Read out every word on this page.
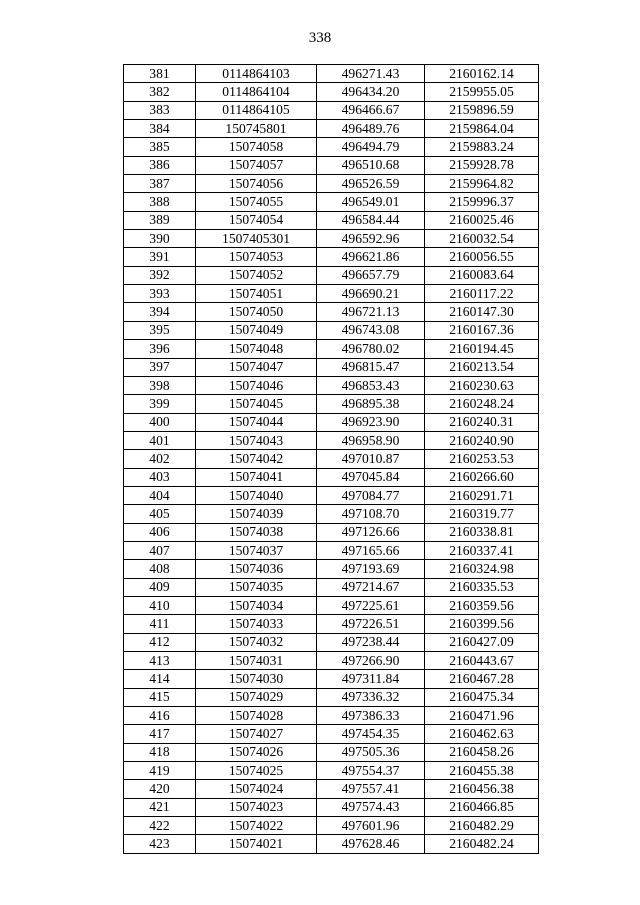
338
381	0114864103	496271.43	2160162.14
382	0114864104	496434.20	2159955.05
383	0114864105	496466.67	2159896.59
384	150745801	496489.76	2159864.04
385	15074058	496494.79	2159883.24
386	15074057	496510.68	2159928.78
387	15074056	496526.59	2159964.82
388	15074055	496549.01	2159996.37
389	15074054	496584.44	2160025.46
390	1507405301	496592.96	2160032.54
391	15074053	496621.86	2160056.55
392	15074052	496657.79	2160083.64
393	15074051	496690.21	2160117.22
394	15074050	496721.13	2160147.30
395	15074049	496743.08	2160167.36
396	15074048	496780.02	2160194.45
397	15074047	496815.47	2160213.54
398	15074046	496853.43	2160230.63
399	15074045	496895.38	2160248.24
400	15074044	496923.90	2160240.31
401	15074043	496958.90	2160240.90
402	15074042	497010.87	2160253.53
403	15074041	497045.84	2160266.60
404	15074040	497084.77	2160291.71
405	15074039	497108.70	2160319.77
406	15074038	497126.66	2160338.81
407	15074037	497165.66	2160337.41
408	15074036	497193.69	2160324.98
409	15074035	497214.67	2160335.53
410	15074034	497225.61	2160359.56
411	15074033	497226.51	2160399.56
412	15074032	497238.44	2160427.09
413	15074031	497266.90	2160443.67
414	15074030	497311.84	2160467.28
415	15074029	497336.32	2160475.34
416	15074028	497386.33	2160471.96
417	15074027	497454.35	2160462.63
418	15074026	497505.36	2160458.26
419	15074025	497554.37	2160455.38
420	15074024	497557.41	2160456.38
421	15074023	497574.43	2160466.85
422	15074022	497601.96	2160482.29
423	15074021	497628.46	2160482.24
